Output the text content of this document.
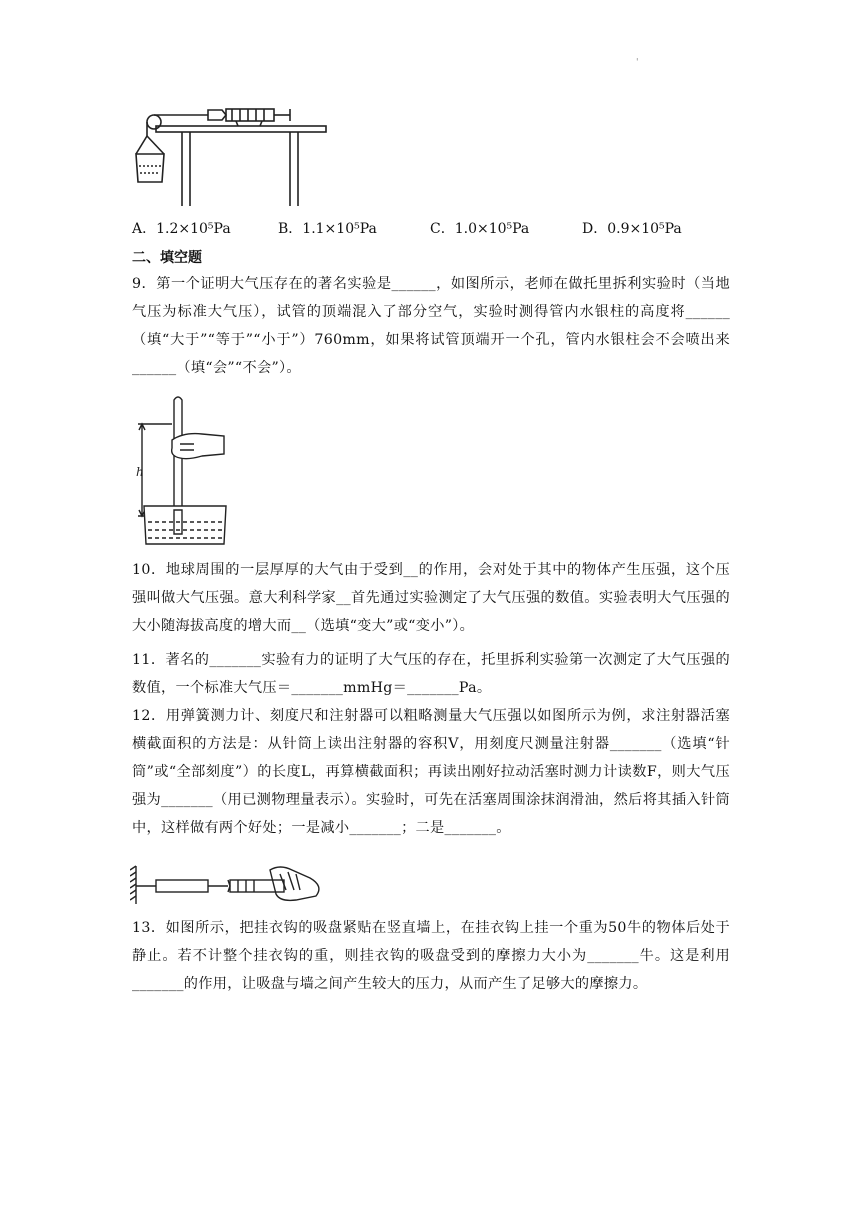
'
A．1.2×10⁵Pa	B．1.1×10⁵Pa	C．1.0×10⁵Pa	D．0.9×10⁵Pa
二、填空题
9．第一个证明大气压存在的著名实验是______，如图所示，老师在做托里拆利实验时（当地气压为标准大气压），试管的顶端混入了部分空气，实验时测得管内水银柱的高度将______（填“大于”“等于”“小于”）760mm，如果将试管顶端开一个孔，管内水银柱会不会喷出来______（填“会”“不会”）。
h
10．地球周围的一层厚厚的大气由于受到__的作用，会对处于其中的物体产生压强，这个压强叫做大气压强。意大利科学家__首先通过实验测定了大气压强的数值。实验表明大气压强的大小随海拔高度的增大而__（选填“变大”或“变小”）。
11．著名的_______实验有力的证明了大气压的存在，托里拆利实验第一次测定了大气压强的数值，一个标准大气压＝_______mmHg＝_______Pa。
12．用弹簧测力计、刻度尺和注射器可以粗略测量大气压强以如图所示为例，求注射器活塞横截面积的方法是：从针筒上读出注射器的容积V，用刻度尺测量注射器_______（选填“针筒”或“全部刻度”）的长度L，再算横截面积；再读出刚好拉动活塞时测力计读数F，则大气压强为_______（用已测物理量表示）。实验时，可先在活塞周围涂抹润滑油，然后将其插入针筒中，这样做有两个好处；一是减小_______；二是_______。
13．如图所示，把挂衣钩的吸盘紧贴在竖直墙上，在挂衣钩上挂一个重为50牛的物体后处于静止。若不计整个挂衣钩的重，则挂衣钩的吸盘受到的摩擦力大小为_______牛。这是利用_______的作用，让吸盘与墙之间产生较大的压力，从而产生了足够大的摩擦力。
